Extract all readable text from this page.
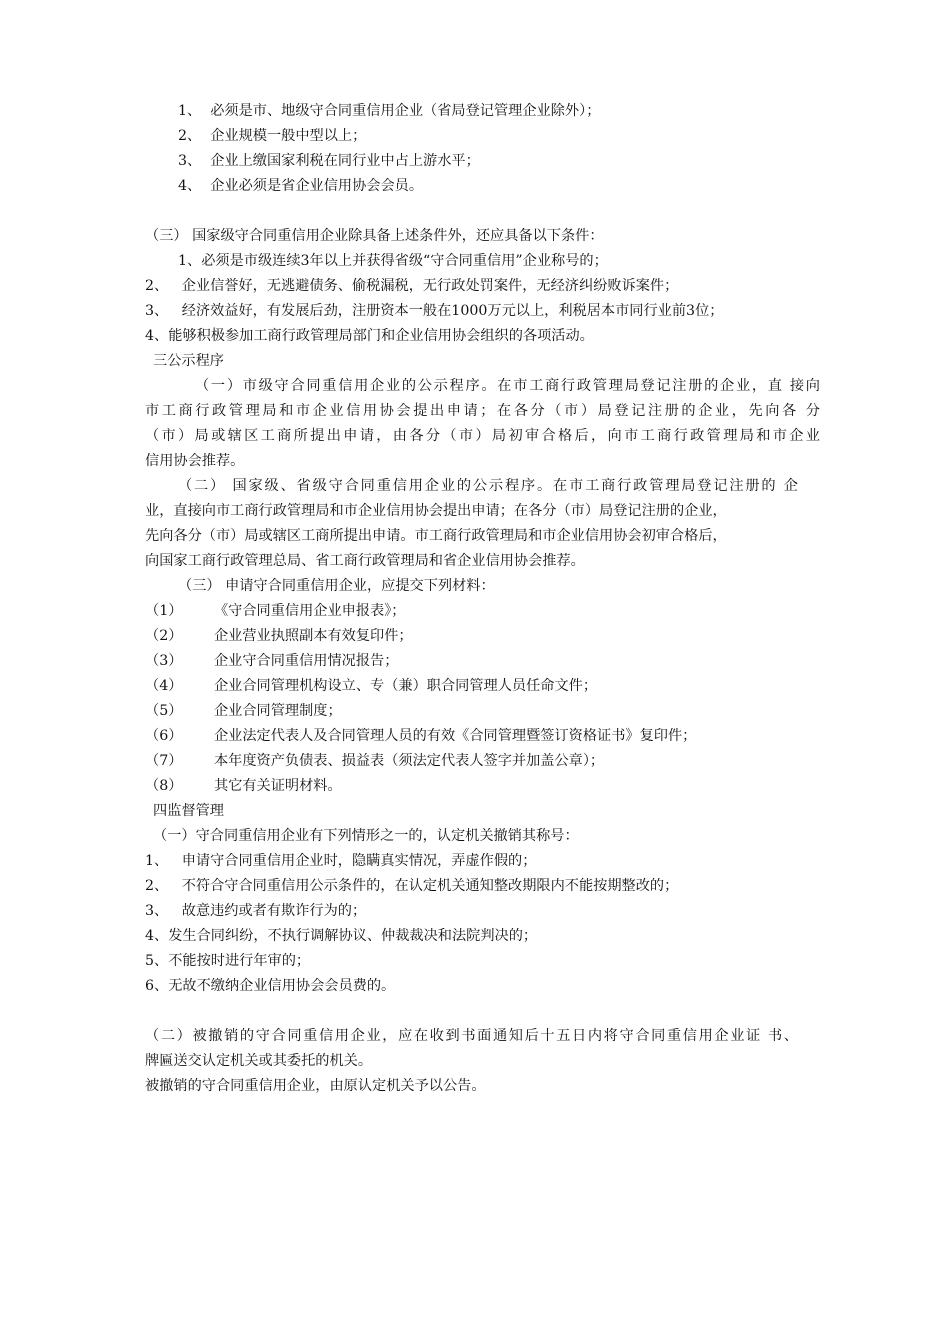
1、  必须是市、地级守合同重信用企业（省局登记管理企业除外）；
2、  企业规模一般中型以上；
3、  企业上缴国家利税在同行业中占上游水平；
4、  企业必须是省企业信用协会会员。
（三） 国家级守合同重信用企业除具备上述条件外，还应具备以下条件：
1、必须是市级连续3年以上并获得省级“守合同重信用”企业称号的；
2、   企业信誉好，无逃避债务、偷税漏税，无行政处罚案件，无经济纠纷败诉案件；
3、   经济效益好，有发展后劲，注册资本一般在1000万元以上，利税居本市同行业前3位；
4、能够积极参加工商行政管理局部门和企业信用协会组织的各项活动。
三公示程序
（一）市级守合同重信用企业的公示程序。在市工商行政管理局登记注册的企业，直 接向
市工商行政管理局和市企业信用协会提出申请；在各分（市）局登记注册的企业，先向各 分
（市）局或辖区工商所提出申请，由各分（市）局初审合格后，向市工商行政管理局和市企业
信用协会推荐。
（二） 国家级、省级守合同重信用企业的公示程序。在市工商行政管理局登记注册的 企
业，直接向市工商行政管理局和市企业信用协会提出申请；在各分（市）局登记注册的企业，
先向各分（市）局或辖区工商所提出申请。市工商行政管理局和市企业信用协会初审合格后，
向国家工商行政管理总局、省工商行政管理局和省企业信用协会推荐。
（三） 申请守合同重信用企业，应提交下列材料：
（1）       《守合同重信用企业申报表》；
（2）       企业营业执照副本有效复印件；
（3）       企业守合同重信用情况报告；
（4）       企业合同管理机构设立、专（兼）职合同管理人员任命文件；
（5）       企业合同管理制度；
（6）       企业法定代表人及合同管理人员的有效《合同管理暨签订资格证书》复印件；
（7）       本年度资产负债表、损益表（须法定代表人签字并加盖公章）；
（8）       其它有关证明材料。
四监督管理
（一）守合同重信用企业有下列情形之一的，认定机关撤销其称号：
1、   申请守合同重信用企业时，隐瞒真实情况，弄虚作假的；
2、   不符合守合同重信用公示条件的，在认定机关通知整改期限内不能按期整改的；
3、   故意违约或者有欺诈行为的；
4、发生合同纠纷，不执行调解协议、仲裁裁决和法院判决的；
5、不能按时进行年审的；
6、无故不缴纳企业信用协会会员费的。
（二）被撤销的守合同重信用企业，应在收到书面通知后十五日内将守合同重信用企业证 书、
牌匾送交认定机关或其委托的机关。
被撤销的守合同重信用企业，由原认定机关予以公告。
